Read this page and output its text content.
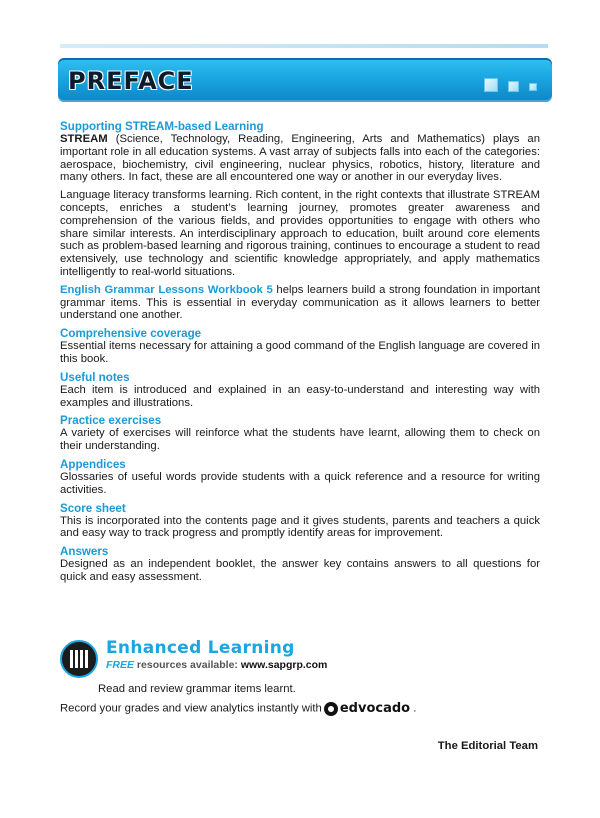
PREFACE
Supporting STREAM-based Learning

STREAM (Science, Technology, Reading, Engineering, Arts and Mathematics) plays an important role in all education systems. A vast array of subjects falls into each of the categories: aerospace, biochemistry, civil engineering, nuclear physics, robotics, history, literature and many others. In fact, these are all encountered one way or another in our everyday lives.

Language literacy transforms learning. Rich content, in the right contexts that illustrate STREAM concepts, enriches a student’s learning journey, promotes greater awareness and comprehension of the various fields, and provides opportunities to engage with others who share similar interests. An interdisciplinary approach to education, built around core elements such as problem-based learning and rigorous training, continues to encourage a student to read extensively, use technology and scientific knowledge appropriately, and apply mathematics intelligently to real-world situations.

English Grammar Lessons Workbook 5 helps learners build a strong foundation in important grammar items. This is essential in everyday communication as it allows learners to better understand one another.

Comprehensive coverage

Essential items necessary for attaining a good command of the English language are covered in this book.

Useful notes

Each item is introduced and explained in an easy-to-understand and interesting way with examples and illustrations.

Practice exercises

A variety of exercises will reinforce what the students have learnt, allowing them to check on their understanding.

Appendices

Glossaries of useful words provide students with a quick reference and a resource for writing activities.

Score sheet

This is incorporated into the contents page and it gives students, parents and teachers a quick and easy way to track progress and promptly identify areas for improvement.

Answers

Designed as an independent booklet, the answer key contains answers to all questions for quick and easy assessment.

Enhanced Learning
FREE resources available: www.sapgrp.com
Read and review grammar items learnt.
Record your grades and view analytics instantly with edvocado .
The Editorial Team
